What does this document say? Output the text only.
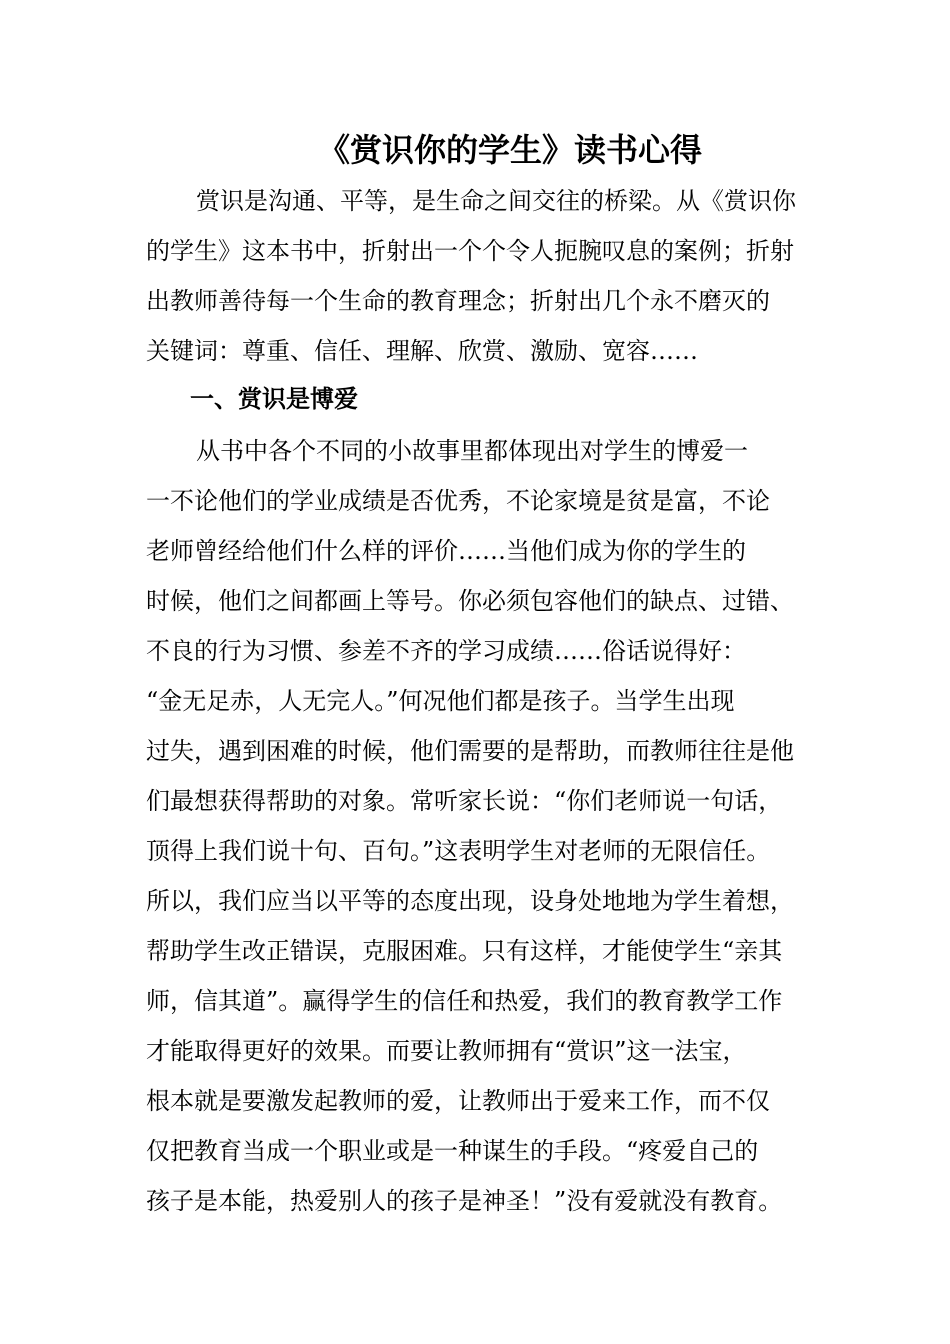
《赏识你的学生》读书心得
赏识是沟通、平等，是生命之间交往的桥梁。从《赏识你
的学生》这本书中，折射出一个个令人扼腕叹息的案例；折射
出教师善待每一个生命的教育理念；折射出几个永不磨灭的
关键词：尊重、信任、理解、欣赏、激励、宽容……
一、赏识是博爱
从书中各个不同的小故事里都体现出对学生的博爱一
一不论他们的学业成绩是否优秀，不论家境是贫是富，不论
老师曾经给他们什么样的评价……当他们成为你的学生的
时候，他们之间都画上等号。你必须包容他们的缺点、过错、
不良的行为习惯、参差不齐的学习成绩……俗话说得好：
“金无足赤，人无完人。”何况他们都是孩子。当学生出现
过失，遇到困难的时候，他们需要的是帮助，而教师往往是他
们最想获得帮助的对象。常听家长说：“你们老师说一句话，
顶得上我们说十句、百句。”这表明学生对老师的无限信任。
所以，我们应当以平等的态度出现，设身处地地为学生着想，
帮助学生改正错误，克服困难。只有这样，才能使学生“亲其
师，信其道”。赢得学生的信任和热爱，我们的教育教学工作
才能取得更好的效果。而要让教师拥有“赏识”这一法宝，
根本就是要激发起教师的爱，让教师出于爱来工作，而不仅
仅把教育当成一个职业或是一种谋生的手段。“疼爱自己的
孩子是本能，热爱别人的孩子是神圣！”没有爱就没有教育。
